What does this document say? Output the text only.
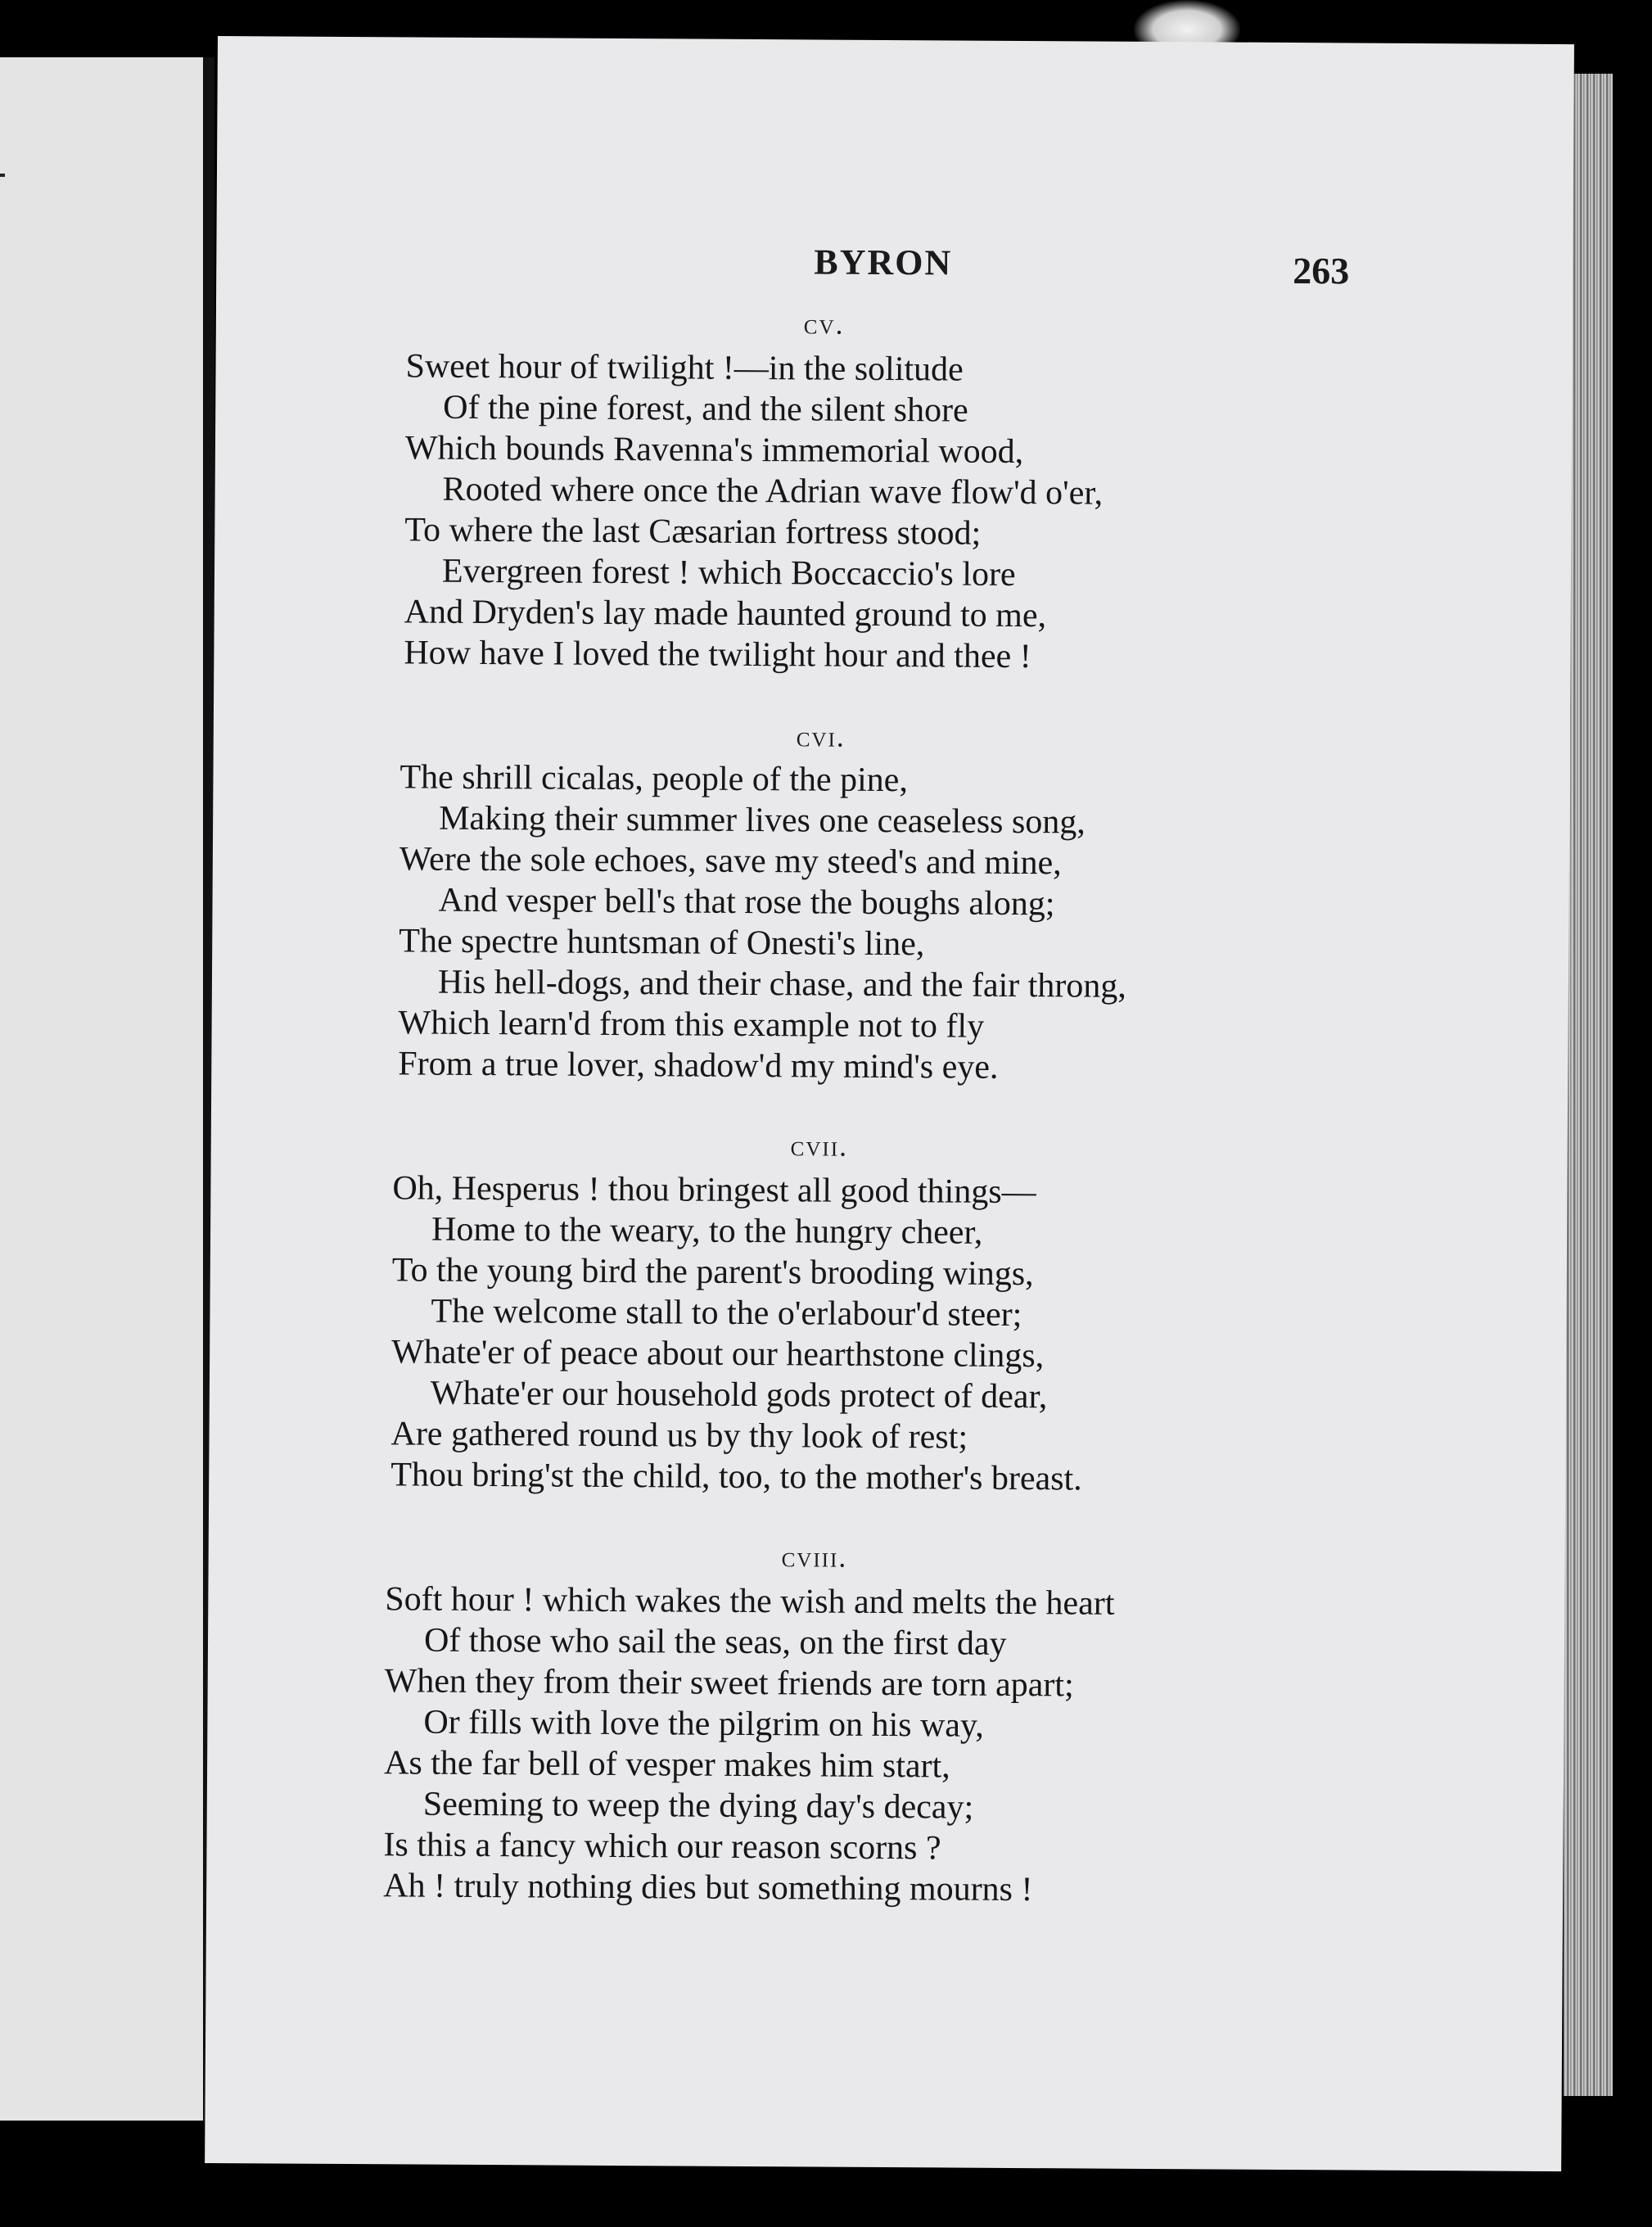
BYRON	263
cv.
Sweet hour of twilight !—in the solitude
Of the pine forest, and the silent shore
Which bounds Ravenna's immemorial wood,
Rooted where once the Adrian wave flow'd o'er,
To where the last Cæsarian fortress stood;
Evergreen forest ! which Boccaccio's lore
And Dryden's lay made haunted ground to me,
How have I loved the twilight hour and thee !
cvi.
The shrill cicalas, people of the pine,
Making their summer lives one ceaseless song,
Were the sole echoes, save my steed's and mine,
And vesper bell's that rose the boughs along;
The spectre huntsman of Onesti's line,
His hell-dogs, and their chase, and the fair throng,
Which learn'd from this example not to fly
From a true lover, shadow'd my mind's eye.
cvii.
Oh, Hesperus ! thou bringest all good things—
Home to the weary, to the hungry cheer,
To the young bird the parent's brooding wings,
The welcome stall to the o'erlabour'd steer;
Whate'er of peace about our hearthstone clings,
Whate'er our household gods protect of dear,
Are gathered round us by thy look of rest;
Thou bring'st the child, too, to the mother's breast.
cviii.
Soft hour ! which wakes the wish and melts the heart
Of those who sail the seas, on the first day
When they from their sweet friends are torn apart;
Or fills with love the pilgrim on his way,
As the far bell of vesper makes him start,
Seeming to weep the dying day's decay;
Is this a fancy which our reason scorns ?
Ah ! truly nothing dies but something mourns !
